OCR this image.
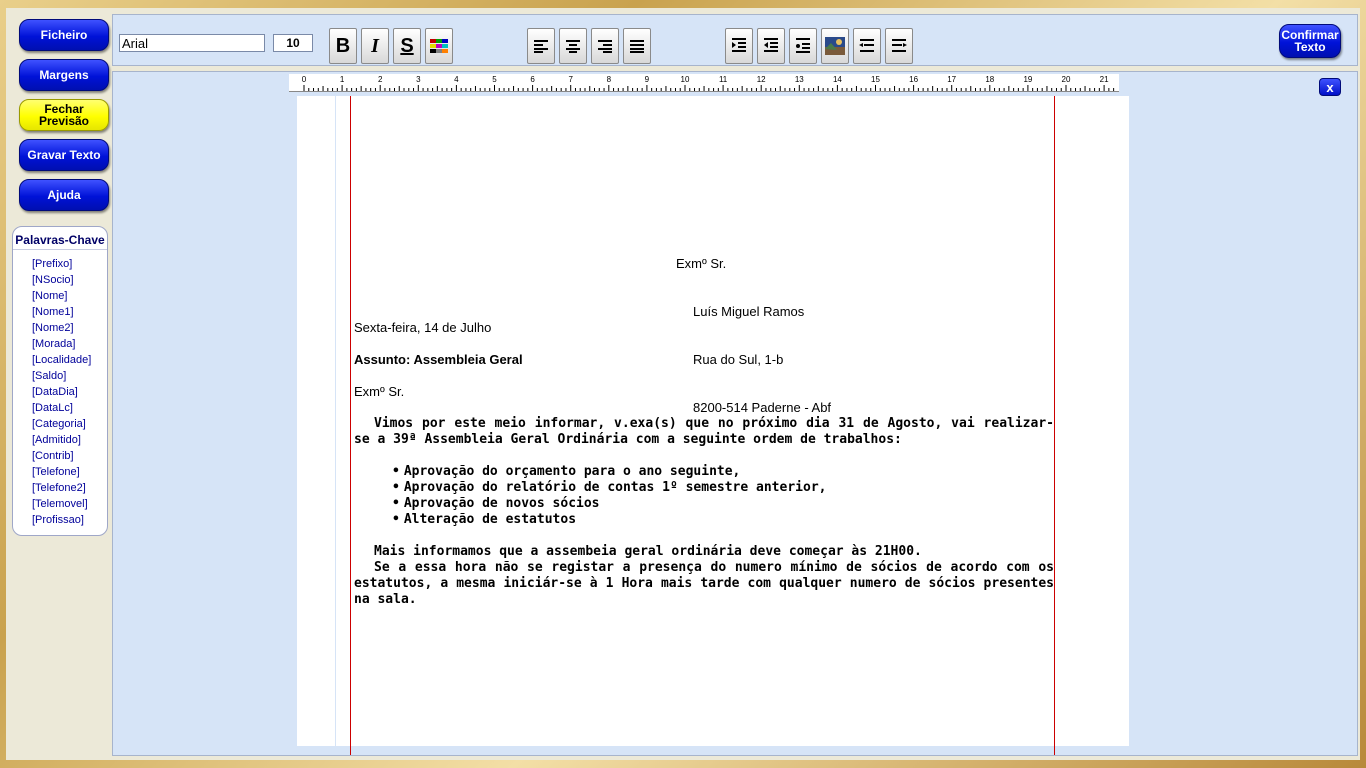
Ficheiro
Margens
Fechar Previsão
Gravar Texto
Ajuda
Palavras-Chave
[Prefixo]
[NSocio]
[Nome]
[Nome1]
[Nome2]
[Morada]
[Localidade]
[Saldo]
[DataDia]
[DataLc]
[Categoria]
[Admitido]
[Contrib]
[Telefone]
[Telefone2]
[Telemovel]
[Profissao]
Arial
10
B	I	S	Confirmar Texto
x
0	1	2	3	4	5	6	7	8	9	10	11	12	13	14	15	16	17	18	19	20	21

Exmº Sr.

Luís Miguel Ramos

Rua do Sul, 1-b

8200-514 Paderne - Abf

Sexta-feira, 14 de Julho
Assunto: Assembleia Geral
Exmº Sr.
Vimos por este meio informar, v.exa(s) que no próximo dia 31 de Agosto, vai realizar-se a 39ª Assembleia Geral Ordinária com a seguinte ordem de trabalhos:
• Aprovação do orçamento para o ano seguinte,
• Aprovação do relatório de contas 1º semestre anterior,
• Aprovação de novos sócios
• Alteração de estatutos
Mais informamos que a assembeia geral ordinária deve começar às 21H00.
Se a essa hora não se registar a presença do numero mínimo de sócios de acordo com os estatutos, a mesma iniciár-se à 1 Hora mais tarde com qualquer numero de sócios presentes na sala.
